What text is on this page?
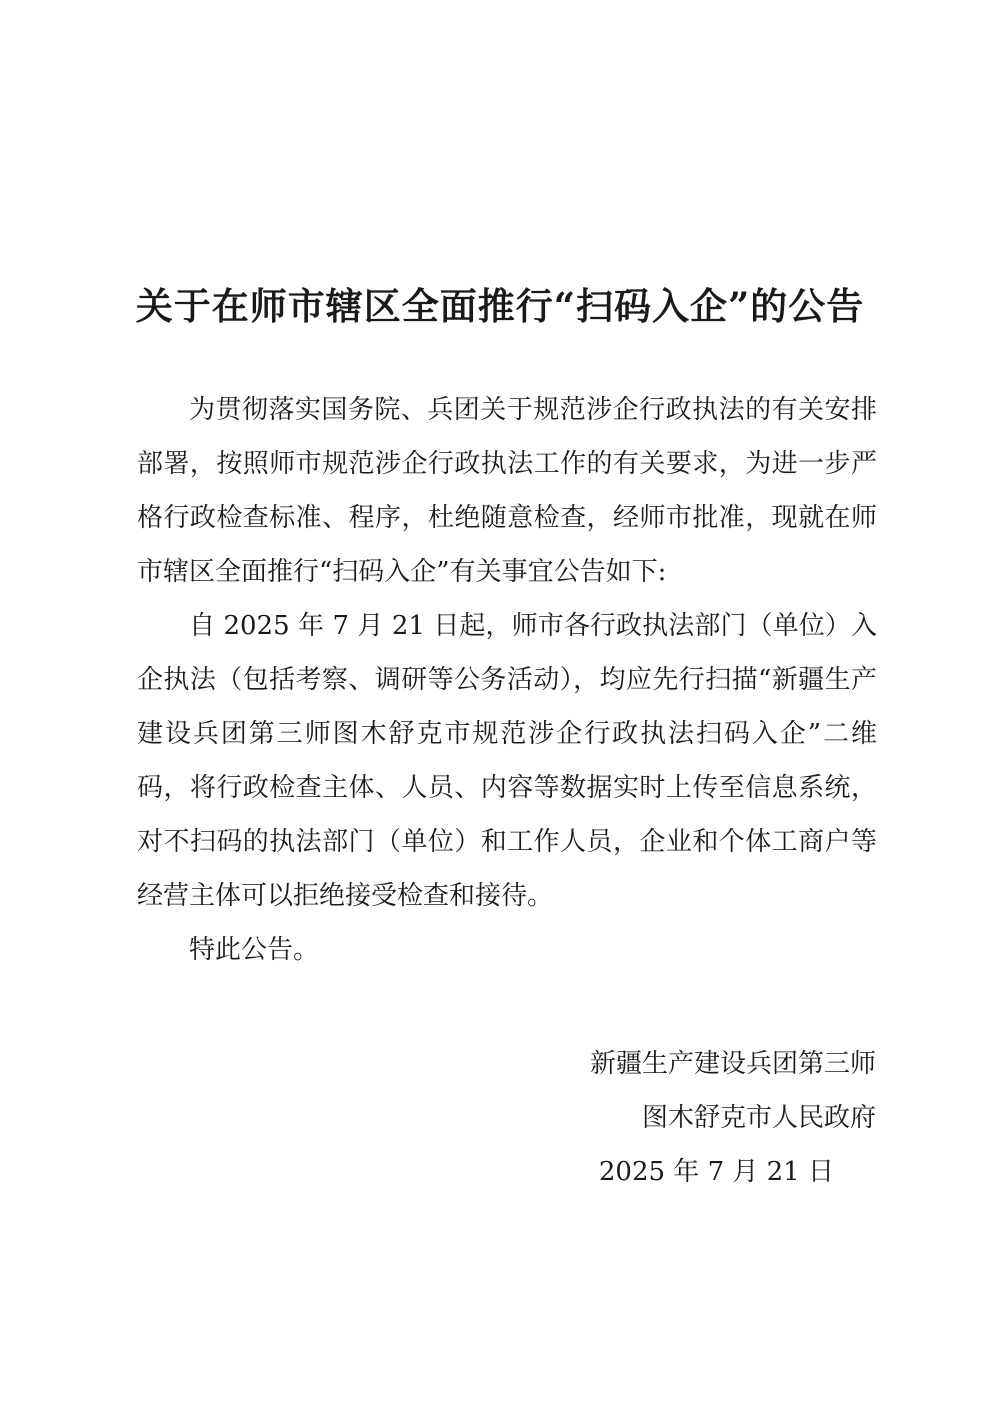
关于在师市辖区全面推行“扫码入企”的公告

为贯彻落实国务院、兵团关于规范涉企行政执法的有关安排部署，按照师市规范涉企行政执法工作的有关要求，为进一步严格行政检查标准、程序，杜绝随意检查，经师市批准，现就在师市辖区全面推行“扫码入企”有关事宜公告如下:

自 2025 年 7 月 21 日起，师市各行政执法部门（单位）入企执法（包括考察、调研等公务活动），均应先行扫描“新疆生产建设兵团第三师图木舒克市规范涉企行政执法扫码入企”二维码，将行政检查主体、人员、内容等数据实时上传至信息系统，对不扫码的执法部门（单位）和工作人员，企业和个体工商户等经营主体可以拒绝接受检查和接待。

特此公告。

新疆生产建设兵团第三师
图木舒克市人民政府
2025 年 7 月 21 日
